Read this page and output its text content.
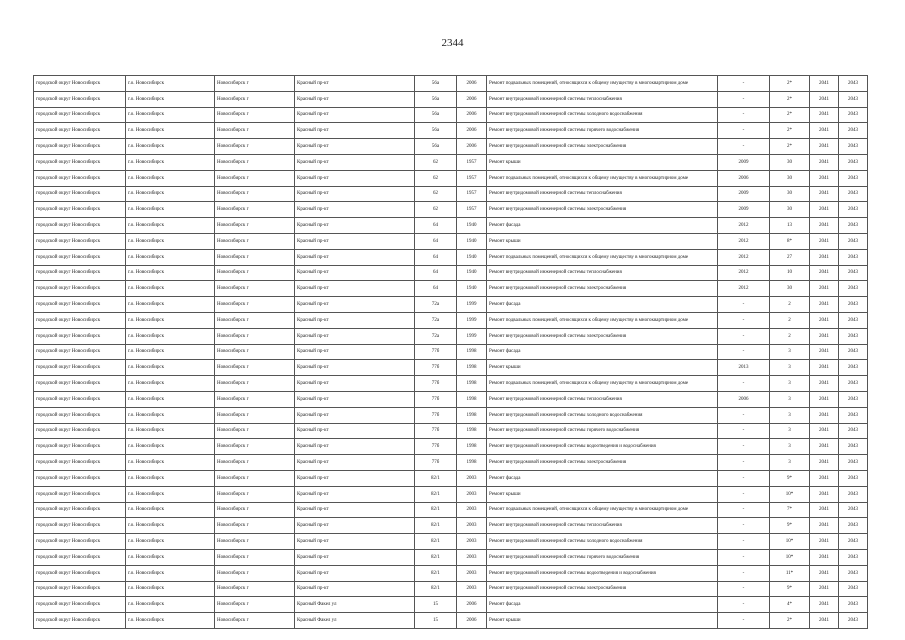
2344
городской округ Новосибирск	г.о. Новосибирск	Новосибирск г	Красный пр-кт	56а	2006	Ремонт подвальных помещений, относящихся к общему имуществу в многоквартирном доме	-	2*	2041	2043
городской округ Новосибирск	г.о. Новосибирск	Новосибирск г	Красный пр-кт	56а	2006	Ремонт внутридомовой инженерной системы теплоснабжения	-	2*	2041	2043
городской округ Новосибирск	г.о. Новосибирск	Новосибирск г	Красный пр-кт	56а	2006	Ремонт внутридомовой инженерной системы холодного водоснабжения	-	2*	2041	2043
городской округ Новосибирск	г.о. Новосибирск	Новосибирск г	Красный пр-кт	56а	2006	Ремонт внутридомовой инженерной системы горячего водоснабжения	-	2*	2041	2043
городской округ Новосибирск	г.о. Новосибирск	Новосибирск г	Красный пр-кт	56а	2006	Ремонт внутридомовой инженерной системы электроснабжения	-	2*	2041	2043
городской округ Новосибирск	г.о. Новосибирск	Новосибирск г	Красный пр-кт	62	1957	Ремонт крыши	2009	30	2041	2043
городской округ Новосибирск	г.о. Новосибирск	Новосибирск г	Красный пр-кт	62	1957	Ремонт подвальных помещений, относящихся к общему имуществу в многоквартирном доме	2006	30	2041	2043
городской округ Новосибирск	г.о. Новосибирск	Новосибирск г	Красный пр-кт	62	1957	Ремонт внутридомовой инженерной системы теплоснабжения	2009	30	2041	2043
городской округ Новосибирск	г.о. Новосибирск	Новосибирск г	Красный пр-кт	62	1957	Ремонт внутридомовой инженерной системы электроснабжения	2009	30	2041	2043
городской округ Новосибирск	г.о. Новосибирск	Новосибирск г	Красный пр-кт	64	1940	Ремонт фасада	2012	13	2041	2043
городской округ Новосибирск	г.о. Новосибирск	Новосибирск г	Красный пр-кт	64	1940	Ремонт крыши	2012	8*	2041	2043
городской округ Новосибирск	г.о. Новосибирск	Новосибирск г	Красный пр-кт	64	1940	Ремонт подвальных помещений, относящихся к общему имуществу в многоквартирном доме	2012	27	2041	2043
городской округ Новосибирск	г.о. Новосибирск	Новосибирск г	Красный пр-кт	64	1940	Ремонт внутридомовой инженерной системы теплоснабжения	2012	10	2041	2043
городской округ Новосибирск	г.о. Новосибирск	Новосибирск г	Красный пр-кт	64	1940	Ремонт внутридомовой инженерной системы электроснабжения	2012	30	2041	2043
городской округ Новосибирск	г.о. Новосибирск	Новосибирск г	Красный пр-кт	72а	1999	Ремонт фасада	-	2	2041	2043
городской округ Новосибирск	г.о. Новосибирск	Новосибирск г	Красный пр-кт	72а	1999	Ремонт подвальных помещений, относящихся к общему имуществу в многоквартирном доме	-	2	2041	2043
городской округ Новосибирск	г.о. Новосибирск	Новосибирск г	Красный пр-кт	72а	1999	Ремонт внутридомовой инженерной системы электроснабжения	-	2	2041	2043
городской округ Новосибирск	г.о. Новосибирск	Новосибирск г	Красный пр-кт	77б	1998	Ремонт фасада	-	3	2041	2043
городской округ Новосибирск	г.о. Новосибирск	Новосибирск г	Красный пр-кт	77б	1998	Ремонт крыши	2013	3	2041	2043
городской округ Новосибирск	г.о. Новосибирск	Новосибирск г	Красный пр-кт	77б	1998	Ремонт подвальных помещений, относящихся к общему имуществу в многоквартирном доме	-	3	2041	2043
городской округ Новосибирск	г.о. Новосибирск	Новосибирск г	Красный пр-кт	77б	1998	Ремонт внутридомовой инженерной системы теплоснабжения	2006	3	2041	2043
городской округ Новосибирск	г.о. Новосибирск	Новосибирск г	Красный пр-кт	77б	1998	Ремонт внутридомовой инженерной системы холодного водоснабжения	-	3	2041	2043
городской округ Новосибирск	г.о. Новосибирск	Новосибирск г	Красный пр-кт	77б	1998	Ремонт внутридомовой инженерной системы горячего водоснабжения	-	3	2041	2043
городской округ Новосибирск	г.о. Новосибирск	Новосибирск г	Красный пр-кт	77б	1998	Ремонт внутридомовой инженерной системы водоотведения и водоснабжения	-	3	2041	2043
городской округ Новосибирск	г.о. Новосибирск	Новосибирск г	Красный пр-кт	77б	1998	Ремонт внутридомовой инженерной системы электроснабжения	-	3	2041	2043
городской округ Новосибирск	г.о. Новосибирск	Новосибирск г	Красный пр-кт	82/1	2003	Ремонт фасада	-	9*	2041	2043
городской округ Новосибирск	г.о. Новосибирск	Новосибирск г	Красный пр-кт	82/1	2003	Ремонт крыши	-	10*	2041	2043
городской округ Новосибирск	г.о. Новосибирск	Новосибирск г	Красный пр-кт	82/1	2003	Ремонт подвальных помещений, относящихся к общему имуществу в многоквартирном доме	-	7*	2041	2043
городской округ Новосибирск	г.о. Новосибирск	Новосибирск г	Красный пр-кт	82/1	2003	Ремонт внутридомовой инженерной системы теплоснабжения	-	9*	2041	2043
городской округ Новосибирск	г.о. Новосибирск	Новосибирск г	Красный пр-кт	82/1	2003	Ремонт внутридомовой инженерной системы холодного водоснабжения	-	10*	2041	2043
городской округ Новосибирск	г.о. Новосибирск	Новосибирск г	Красный пр-кт	82/1	2003	Ремонт внутридомовой инженерной системы горячего водоснабжения	-	10*	2041	2043
городской округ Новосибирск	г.о. Новосибирск	Новосибирск г	Красный пр-кт	82/1	2003	Ремонт внутридомовой инженерной системы водоотведения и водоснабжения	-	11*	2041	2043
городской округ Новосибирск	г.о. Новосибирск	Новосибирск г	Красный пр-кт	82/1	2003	Ремонт внутридомовой инженерной системы электроснабжения	-	9*	2041	2043
городской округ Новосибирск	г.о. Новосибирск	Новосибирск г	Красный Факел ул	15	2006	Ремонт фасада	-	4*	2041	2043
городской округ Новосибирск	г.о. Новосибирск	Новосибирск г	Красный Факел ул	15	2006	Ремонт крыши	-	2*	2041	2043
